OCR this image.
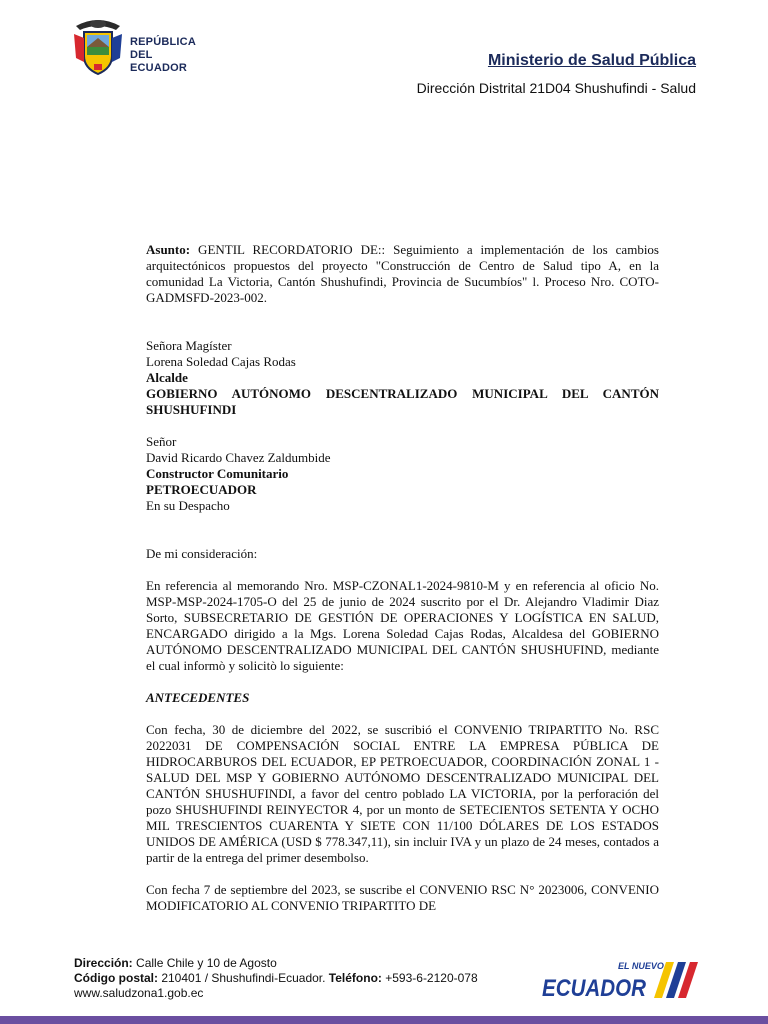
REPÚBLICA
DEL ECUADOR	Ministerio de Salud Pública
Dirección Distrital 21D04 Shushufindi - Salud

Asunto: GENTIL RECORDATORIO DE:: Seguimiento a implementación de los cambios arquitectónicos propuestos del proyecto "Construcción de Centro de Salud tipo A, en la comunidad La Victoria, Cantón Shushufindi, Provincia de Sucumbíos" l. Proceso Nro. COTO-GADMSFD-2023-002.

Señora Magíster

Lorena Soledad Cajas Rodas

Alcalde

GOBIERNO AUTÓNOMO DESCENTRALIZADO MUNICIPAL DEL CANTÓN SHUSHUFINDI

Señor

David Ricardo Chavez Zaldumbide

Constructor Comunitario

PETROECUADOR

En su Despacho

De mi consideración:

En referencia al memorando Nro. MSP-CZONAL1-2024-9810-M y en referencia al oficio No. MSP-MSP-2024-1705-O del 25 de junio de 2024 suscrito por el Dr. Alejandro Vladimir Diaz Sorto, SUBSECRETARIO DE GESTIÓN DE OPERACIONES Y LOGÍSTICA EN SALUD, ENCARGADO dirigido a la Mgs. Lorena Soledad Cajas Rodas, Alcaldesa del GOBIERNO AUTÓNOMO DESCENTRALIZADO MUNICIPAL DEL CANTÓN SHUSHUFIND, mediante el cual informò y solicitò lo siguiente:

ANTECEDENTES

Con fecha, 30 de diciembre del 2022, se suscribió el CONVENIO TRIPARTITO No. RSC 2022031 DE COMPENSACIÓN SOCIAL ENTRE LA EMPRESA PÚBLICA DE HIDROCARBUROS DEL ECUADOR, EP PETROECUADOR, COORDINACIÓN ZONAL 1 - SALUD DEL MSP Y GOBIERNO AUTÓNOMO DESCENTRALIZADO MUNICIPAL DEL CANTÓN SHUSHUFINDI, a favor del centro poblado LA VICTORIA, por la perforación del pozo SHUSHUFINDI REINYECTOR 4, por un monto de SETECIENTOS SETENTA Y OCHO MIL TRESCIENTOS CUARENTA Y SIETE CON 11/100 DÓLARES DE LOS ESTADOS UNIDOS DE AMÉRICA (USD $ 778.347,11), sin incluir IVA y un plazo de 24 meses, contados a partir de la entrega del primer desembolso.

Con fecha 7 de septiembre del 2023, se suscribe el CONVENIO RSC N° 2023006, CONVENIO MODIFICATORIO AL CONVENIO TRIPARTITO DE

Dirección: Calle Chile y 10 de Agosto
Código postal: 210401 / Shushufindi-Ecuador. Teléfono: +593-6-2120-078
www.saludzona1.gob.ec
EL NUEVO
ECUADOR
